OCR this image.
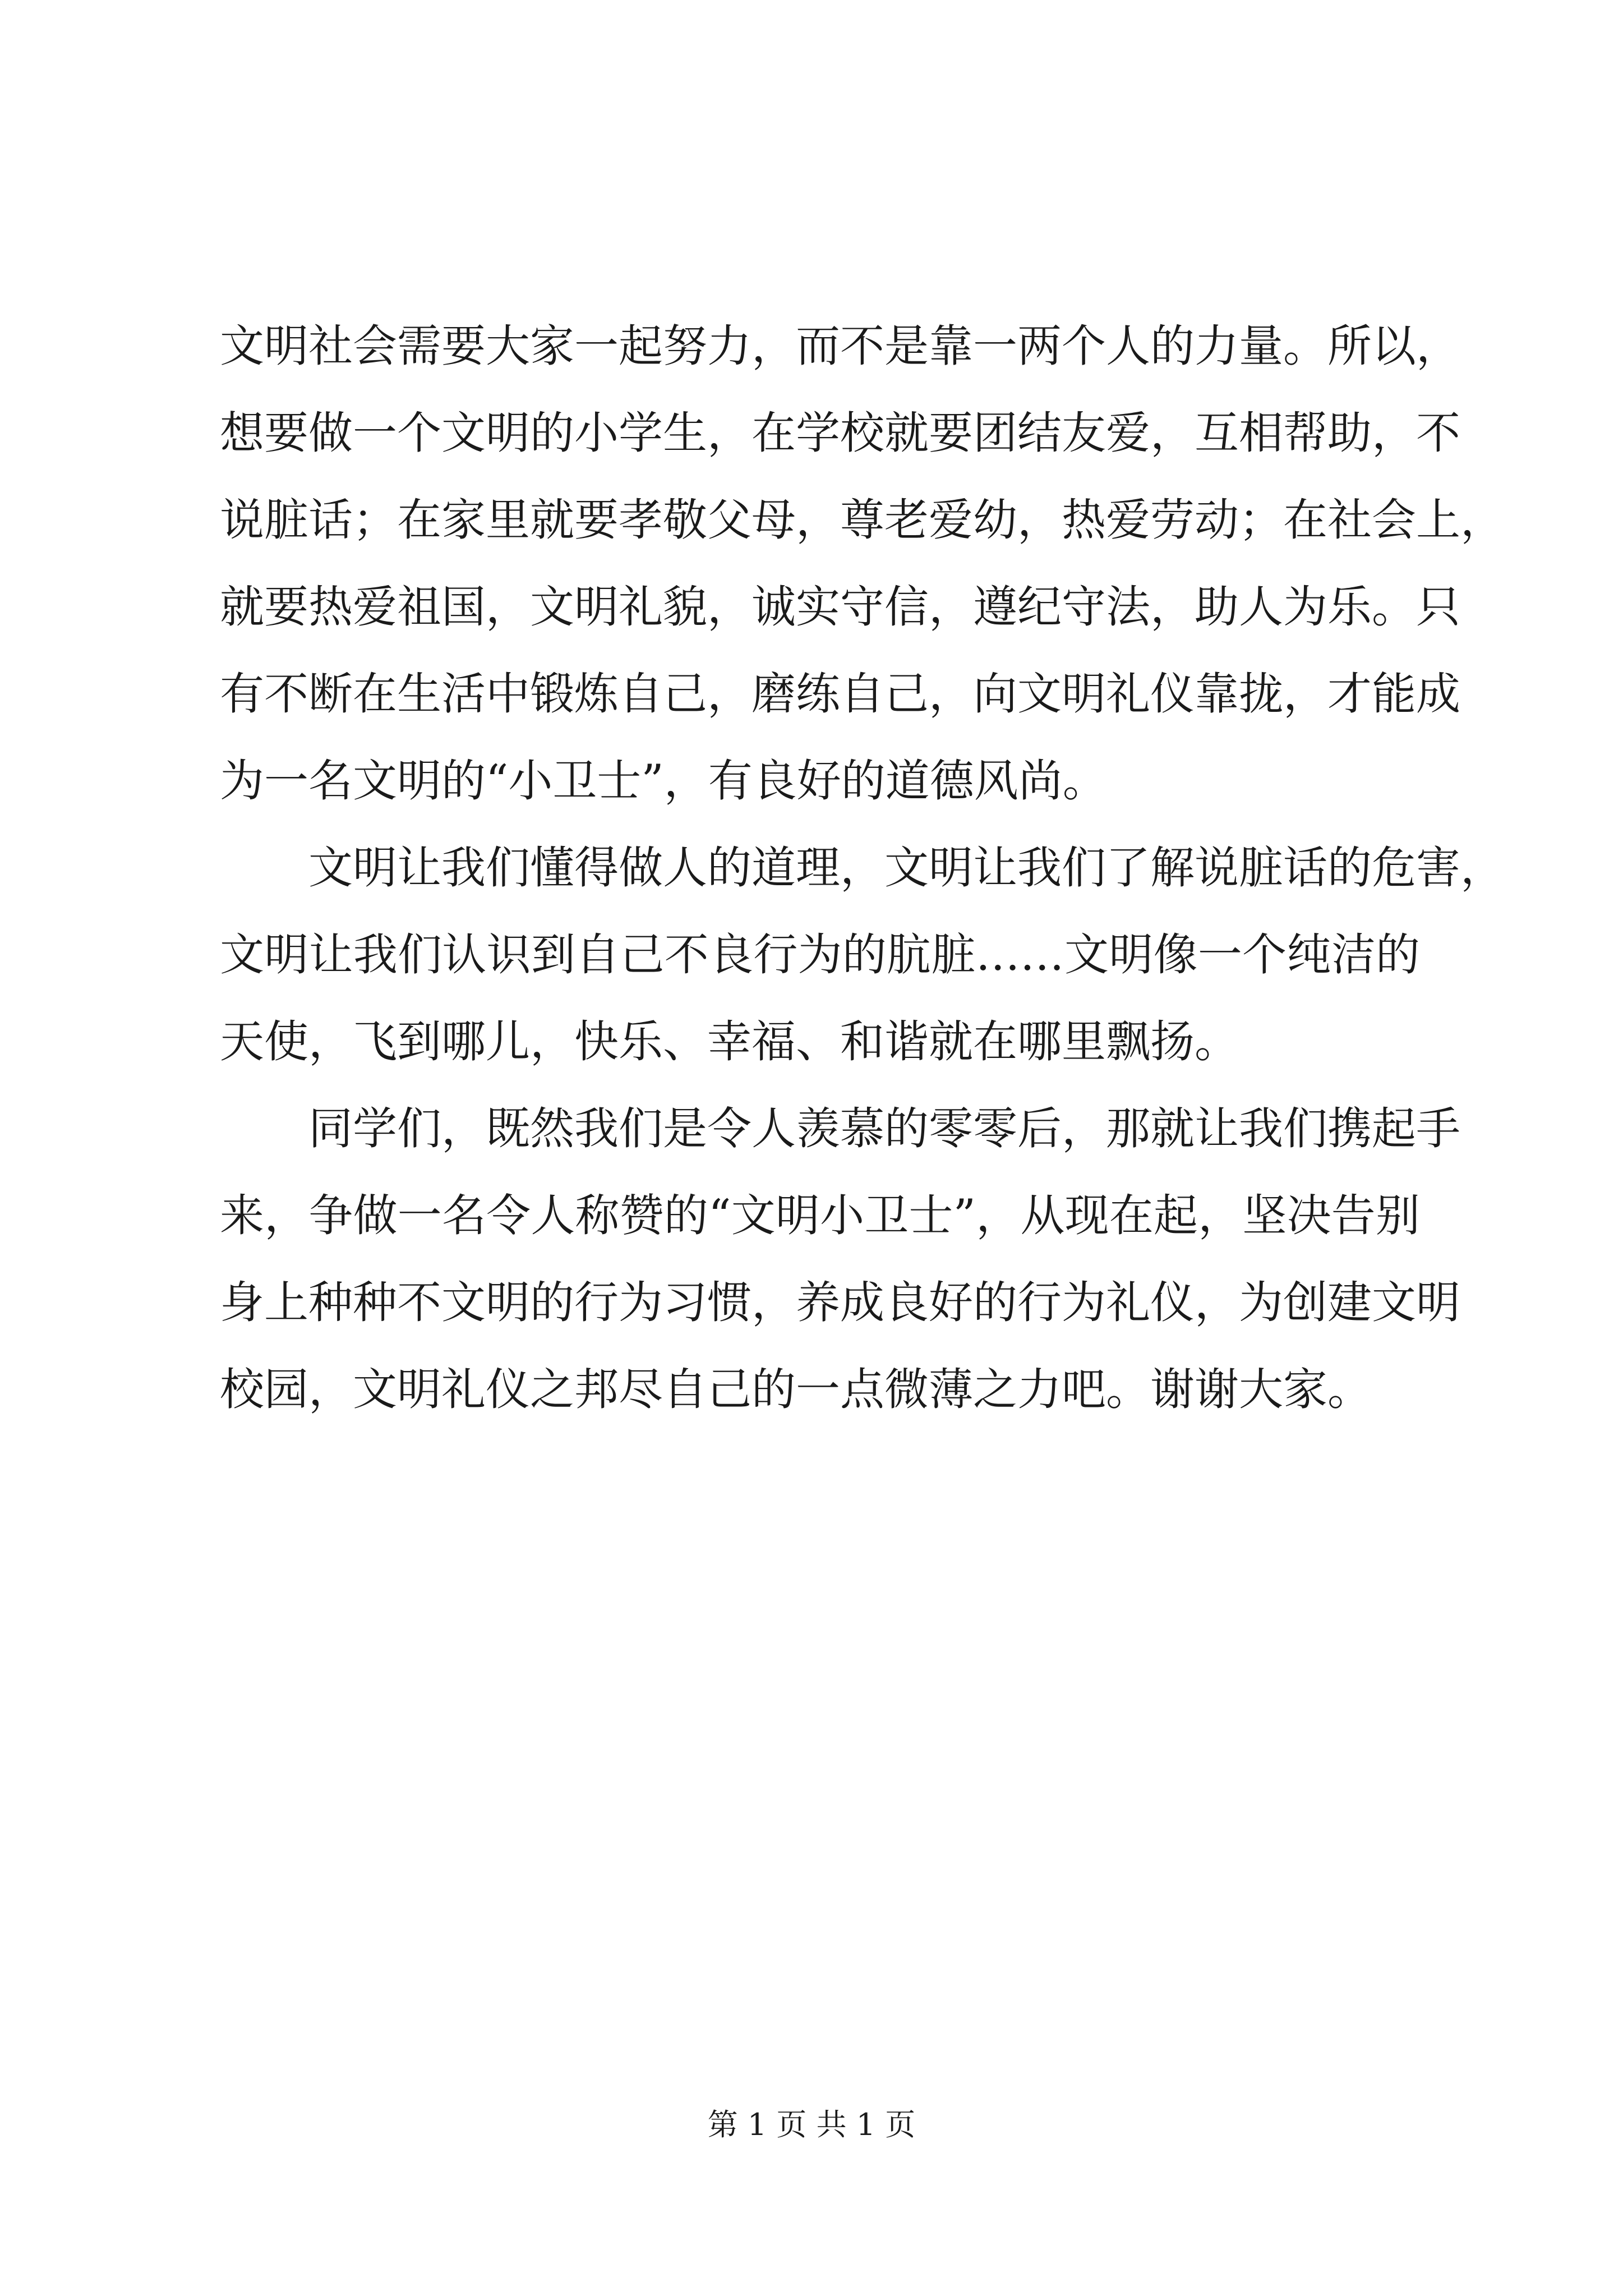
文明社会需要大家一起努力，而不是靠一两个人的力量。所以，
想要做一个文明的小学生，在学校就要团结友爱，互相帮助，不
说脏话；在家里就要孝敬父母，尊老爱幼，热爱劳动；在社会上，
就要热爱祖国，文明礼貌，诚实守信，遵纪守法，助人为乐。只
有不断在生活中锻炼自己，磨练自己，向文明礼仪靠拢，才能成
为一名文明的“小卫士”，有良好的道德风尚。
文明让我们懂得做人的道理，文明让我们了解说脏话的危害，
文明让我们认识到自己不良行为的肮脏……文明像一个纯洁的
天使，飞到哪儿，快乐、幸福、和谐就在哪里飘扬。
同学们，既然我们是令人羡慕的零零后，那就让我们携起手
来，争做一名令人称赞的“文明小卫士”，从现在起，坚决告别
身上种种不文明的行为习惯，养成良好的行为礼仪，为创建文明
校园，文明礼仪之邦尽自己的一点微薄之力吧。谢谢大家。
第 1 页 共 1 页
